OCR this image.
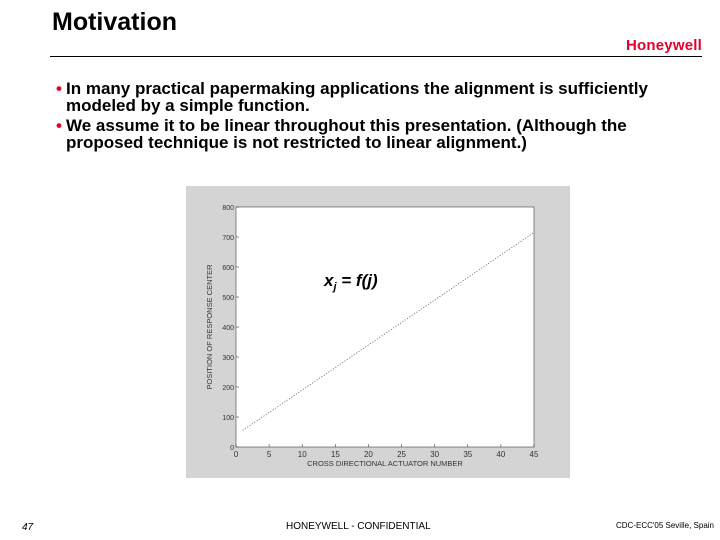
Motivation
Honeywell
• In many practical papermaking applications the alignment is sufficiently modeled by a simple function.
• We assume it to be linear throughout this presentation. (Although the proposed technique is not restricted to linear alignment.)
0	5	10	15	20	25	30	35	40	45
0
100
200
300
400
500
600
700
800
CROSS DIRECTIONAL ACTUATOR NUMBER
POSITION OF RESPONSE CENTER	$x_j = f(j)$
47	HONEYWELL - CONFIDENTIAL	CDC-ECC'05 Seville, Spain
